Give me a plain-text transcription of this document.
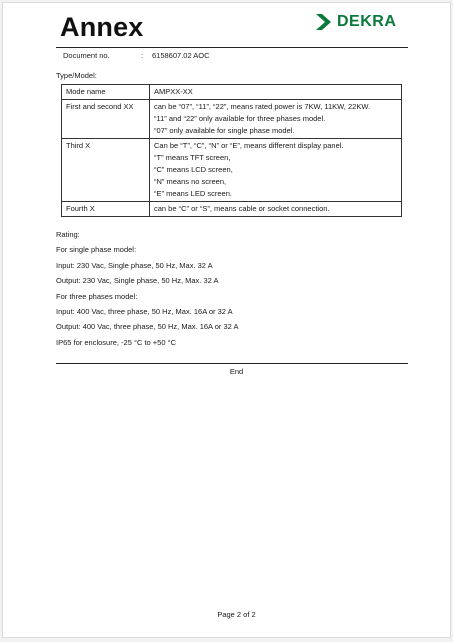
Annex	DEKRA
Document no.	: 6158607.02 AOC
Type/Model:
Mode name	AMPXX-XX

First and second XX	can be “07”, “11”, “22”, means rated power is 7KW, 11KW, 22KW.
“11” and “22” only available for three phases model.
“07” only available for single phase model.

Third X	Can be “T”, “C”, “N” or “E”, means different display panel.
“T” means TFT screen,
“C” means LCD screen,
“N” means no screen,
“E” means LED screen.

Fourth X	can be “C” or “S”, means cable or socket connection.
Rating:
For single phase model:
Input: 230 Vac, Single phase, 50 Hz, Max. 32 A
Output: 230 Vac, Single phase, 50 Hz, Max. 32 A
For three phases model:
Input: 400 Vac, three phase, 50 Hz, Max. 16A or 32 A
Output: 400 Vac, three phase, 50 Hz, Max. 16A or 32 A
IP65 for enclosure, -25 °C to +50 °C
End
Page 2 of 2
